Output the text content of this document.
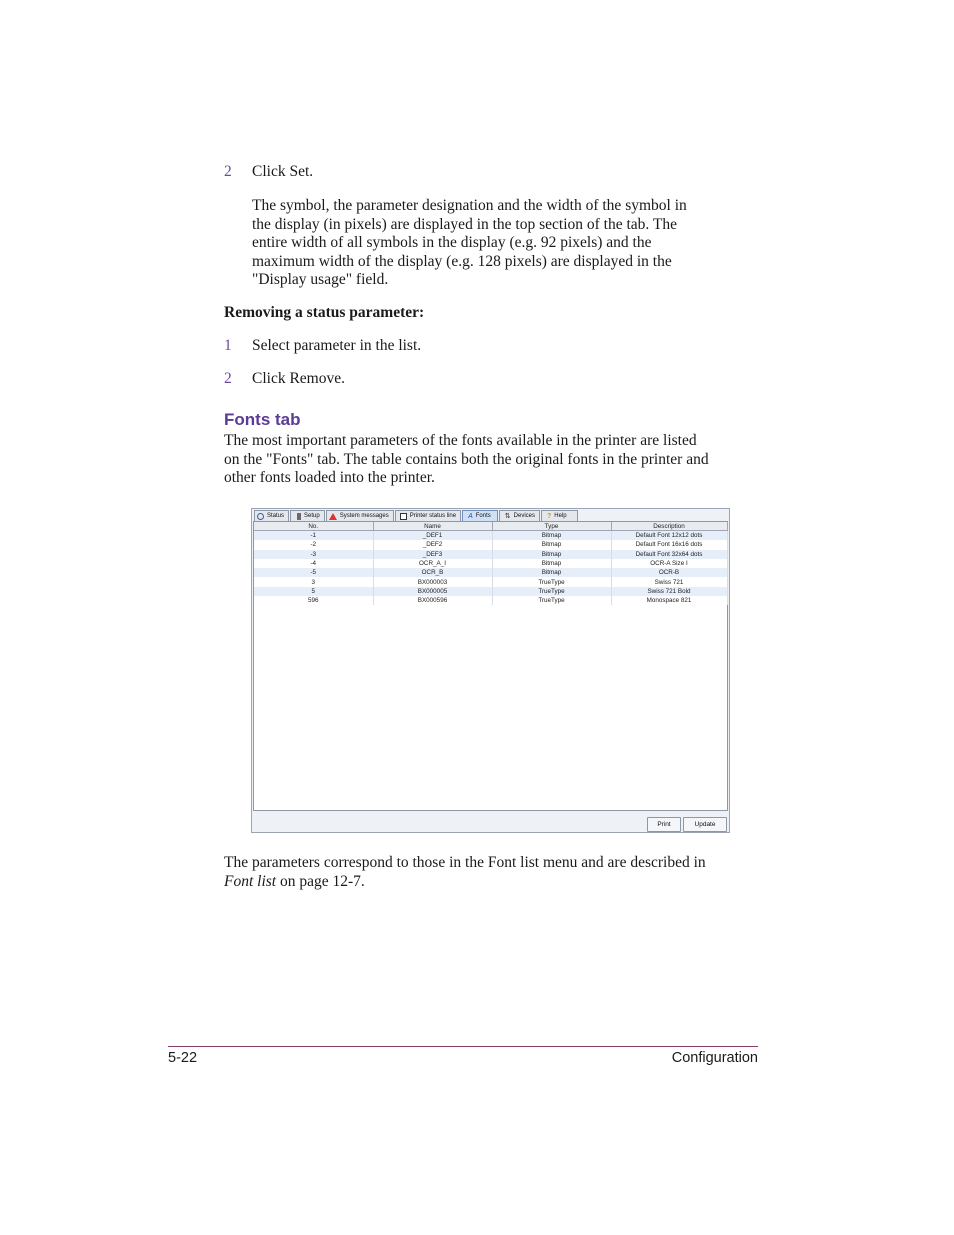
2 Click Set.
The symbol, the parameter designation and the width of the symbol in
the display (in pixels) are displayed in the top section of the tab. The
entire width of all symbols in the display (e.g. 92 pixels) and the
maximum width of the display (e.g. 128 pixels) are displayed in the
"Display usage" field.
Removing a status parameter:
1 Select parameter in the list.
2 Click Remove.
Fonts tab
The most important parameters of the fonts available in the printer are listed
on the "Fonts" tab. The table contains both the original fonts in the printer and
other fonts loaded into the printer.
Status	Setup	System messages	Printer status line A Fonts ⇅ Devices ? Help
No.	Name	Type	Description
-1	_DEF1	Bitmap	Default Font 12x12 dots
-2	_DEF2	Bitmap	Default Font 16x16 dots
-3	_DEF3	Bitmap	Default Font 32x64 dots
-4	OCR_A_I	Bitmap	OCR-A Size I
-5	OCR_B	Bitmap	OCR-B
3	BX000003	TrueType	Swiss 721
5	BX000005	TrueType	Swiss 721 Bold
596	BX000596	TrueType	Monospace 821
Print	Update
The parameters correspond to those in the Font list menu and are described in
Font list on page 12-7.
5-22	Configuration
